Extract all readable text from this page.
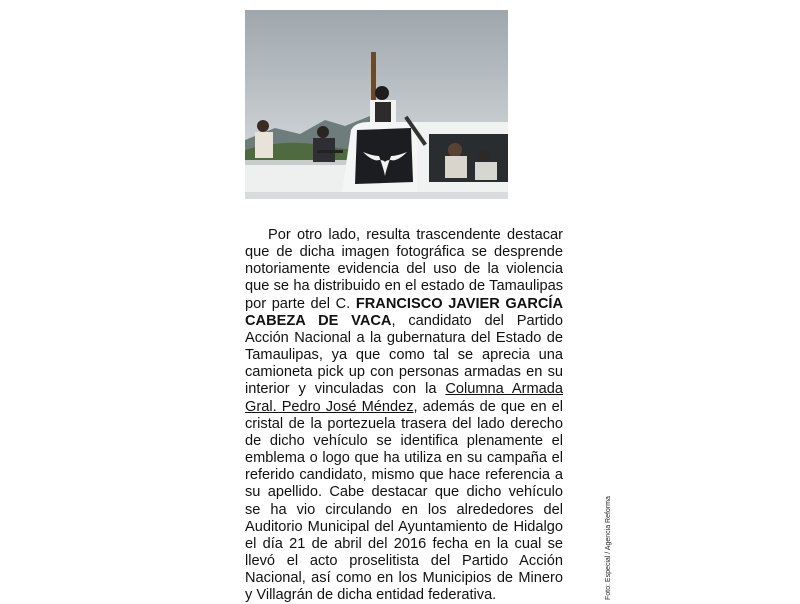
Por otro lado, resulta trascendente destacar que de dicha imagen fotográfica se desprende notoriamente evidencia del uso de la violencia que se ha distribuido en el estado de Tamaulipas por parte del C. FRANCISCO JAVIER GARCÍA CABEZA DE VACA, candidato del Partido Acción Nacional a la gubernatura del Estado de Tamaulipas, ya que como tal se aprecia una camioneta pick up con personas armadas en su interior y vinculadas con la Columna Armada Gral. Pedro José Méndez, además de que en el cristal de la portezuela trasera del lado derecho de dicho vehículo se identifica plenamente el emblema o logo que ha utiliza en su campaña el referido candidato, mismo que hace referencia a su apellido. Cabe destacar que dicho vehículo se ha vio circulando en los alrededores del Auditorio Municipal del Ayuntamiento de Hidalgo el día 21 de abril del 2016 fecha en la cual se llevó el acto proselitista del Partido Acción Nacional, así como en los Municipios de Minero y Villagrán de dicha entidad federativa.	Foto: Especial / Agencia Reforma
